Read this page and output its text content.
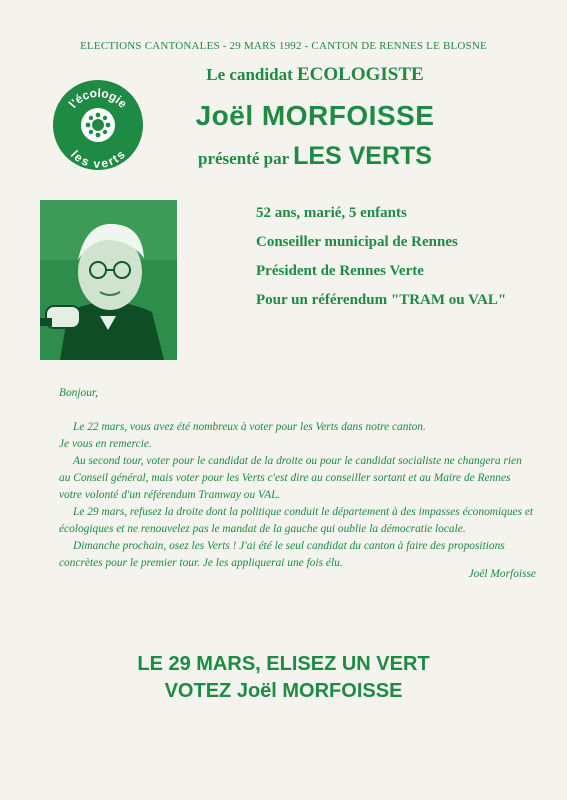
ELECTIONS CANTONALES - 29 MARS 1992 - CANTON DE RENNES LE BLOSNE
l'écologie
les verts
Le candidat ECOLOGISTE
Joël MORFOISSE
présenté par LES VERTS
52 ans, marié, 5 enfants
Conseiller municipal de Rennes
Président de Rennes Verte
Pour un référendum "TRAM ou VAL"

Bonjour,

Le 22 mars, vous avez été nombreux à voter pour les Verts dans notre canton.

Je vous en remercie.

Au second tour, voter pour le candidat de la droite ou pour le candidat socialiste ne changera rien au Conseil général, mais voter pour les Verts c'est dire au conseiller sortant et au Maire de Rennes votre volonté d'un référendum Tramway ou VAL.

Le 29 mars, refusez la droite dont la politique conduit le département à des impasses économiques et écologiques et ne renouvelez pas le mandat de la gauche qui oublie la démocratie locale.

Dimanche prochain, osez les Verts ! J'ai été le seul candidat du canton à faire des propositions concrètes pour le premier tour. Je les appliquerai une fois élu.

Joël Morfoisse
LE 29 MARS, ELISEZ UN VERT
VOTEZ Joël MORFOISSE
